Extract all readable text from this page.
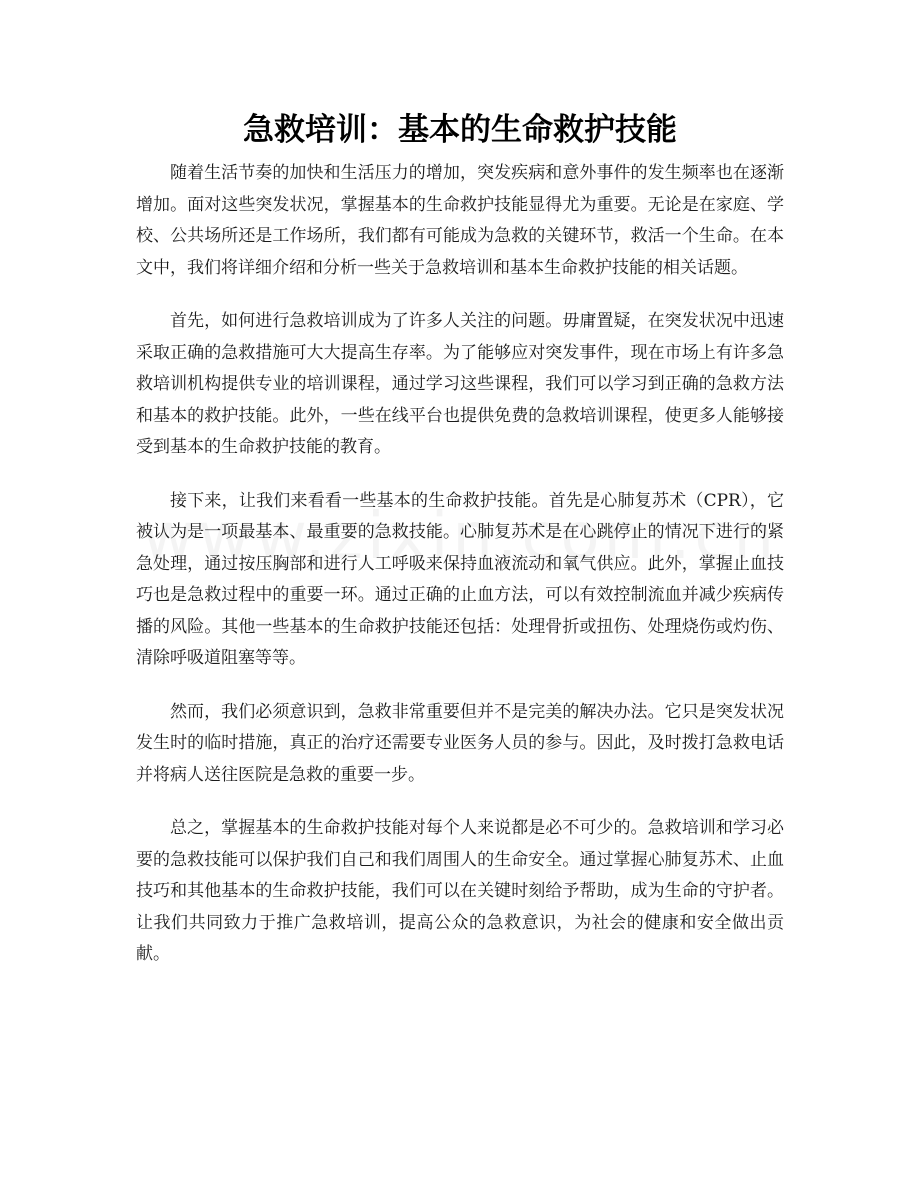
急救培训：基本的生命救护技能

随着生活节奏的加快和生活压力的增加，突发疾病和意外事件的发生频率也在逐渐增加。面对这些突发状况，掌握基本的生命救护技能显得尤为重要。无论是在家庭、学校、公共场所还是工作场所，我们都有可能成为急救的关键环节，救活一个生命。在本文中，我们将详细介绍和分析一些关于急救培训和基本生命救护技能的相关话题。

首先，如何进行急救培训成为了许多人关注的问题。毋庸置疑，在突发状况中迅速采取正确的急救措施可大大提高生存率。为了能够应对突发事件，现在市场上有许多急救培训机构提供专业的培训课程，通过学习这些课程，我们可以学习到正确的急救方法和基本的救护技能。此外，一些在线平台也提供免费的急救培训课程，使更多人能够接受到基本的生命救护技能的教育。

接下来，让我们来看看一些基本的生命救护技能。首先是心肺复苏术（CPR），它被认为是一项最基本、最重要的急救技能。心肺复苏术是在心跳停止的情况下进行的紧急处理，通过按压胸部和进行人工呼吸来保持血液流动和氧气供应。此外，掌握止血技巧也是急救过程中的重要一环。通过正确的止血方法，可以有效控制流血并减少疾病传播的风险。其他一些基本的生命救护技能还包括：处理骨折或扭伤、处理烧伤或灼伤、清除呼吸道阻塞等等。

然而，我们必须意识到，急救非常重要但并不是完美的解决办法。它只是突发状况发生时的临时措施，真正的治疗还需要专业医务人员的参与。因此，及时拨打急救电话并将病人送往医院是急救的重要一步。

总之，掌握基本的生命救护技能对每个人来说都是必不可少的。急救培训和学习必要的急救技能可以保护我们自己和我们周围人的生命安全。通过掌握心肺复苏术、止血技巧和其他基本的生命救护技能，我们可以在关键时刻给予帮助，成为生命的守护者。让我们共同致力于推广急救培训，提高公众的急救意识，为社会的健康和安全做出贡献。
